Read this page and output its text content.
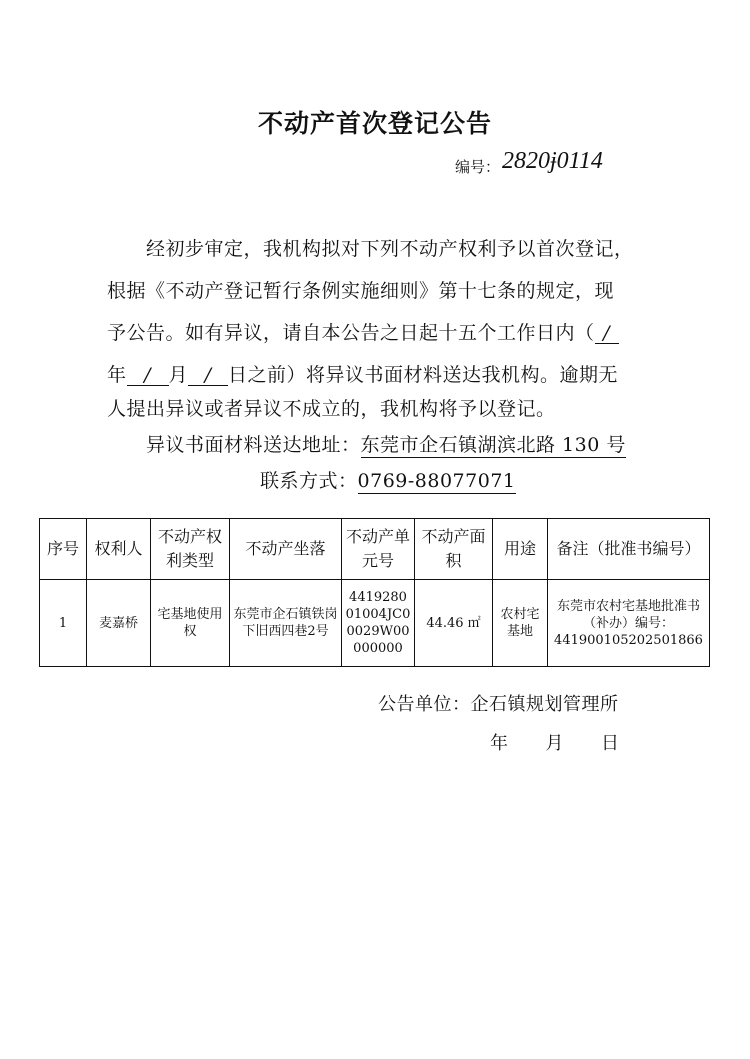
不动产首次登记公告
编号：2820ɉ0114
经初步审定，我机构拟对下列不动产权利予以首次登记，
根据《不动产登记暂行条例实施细则》第十七条的规定，现
予公告。如有异议，请自本公告之日起十五个工作日内（ /
年 / 月 / 日之前）将异议书面材料送达我机构。逾期无
人提出异议或者异议不成立的，我机构将予以登记。
异议书面材料送达地址：东莞市企石镇湖滨北路 130 号
联系方式：0769-88077071
序号	权利人	不动产权利类型	不动产坐落	不动产单元号	不动产面积	用途	备注（批准书编号）
1	麦嘉桥	宅基地使用权	东莞市企石镇铁岗下旧西四巷2号	441928001004JC00029W00000000	44.46 ㎡	农村宅基地	东莞市农村宅基地批准书（补办）编号：441900105202501866
公告单位：企石镇规划管理所
年　　月　　日
